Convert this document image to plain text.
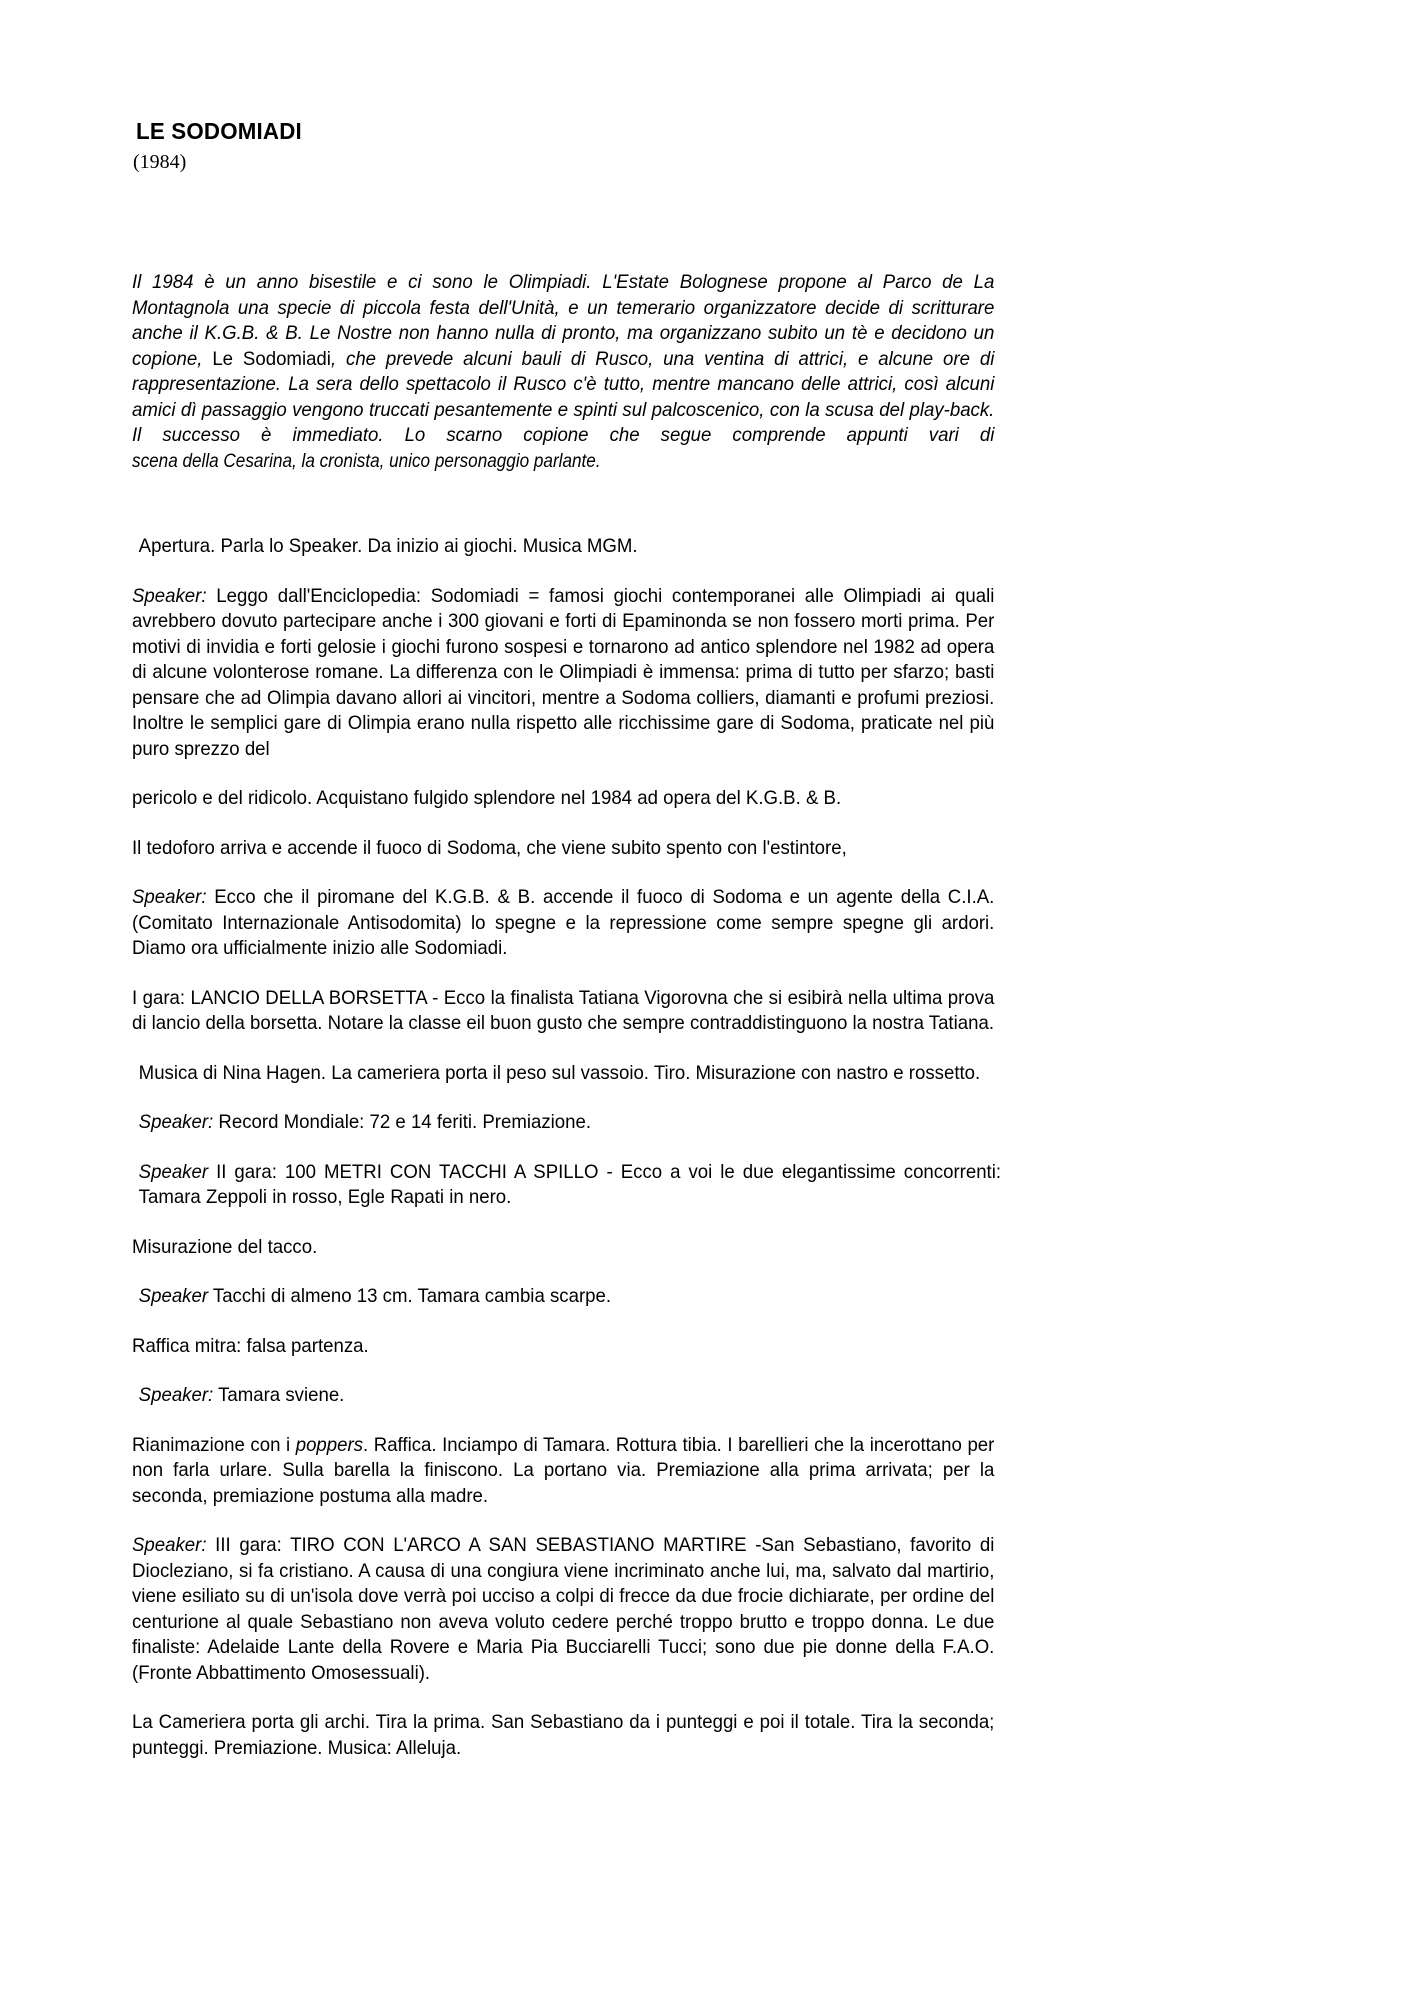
LE SODOMIADI
(1984)
Il 1984 è un anno bisestile e ci sono le Olimpiadi. L'Estate Bolognese propone al Parco de La Montagnola una specie di piccola festa dell'Unità, e un temerario organizzatore decide di scritturare anche il K.G.B. & B. Le Nostre non hanno nulla di pronto, ma organizzano subito un tè e decidono un copione, Le Sodomiadi, che prevede alcuni bauli di Rusco, una ventina di attrici, e alcune ore di rappresentazione. La sera dello spettacolo il Rusco c'è tutto, mentre mancano delle attrici, così alcuni amici dì passaggio vengono truccati pesantemente e spinti sul palcoscenico, con la scusa del play-back. Il successo è immediato. Lo scarno copione che segue comprende appunti vari di scena della Cesarina, la cronista, unico personaggio parlante.

Apertura. Parla lo Speaker. Da inizio ai giochi. Musica MGM.

Speaker: Leggo dall'Enciclopedia: Sodomiadi = famosi giochi contemporanei alle Olimpiadi ai quali avrebbero dovuto partecipare anche i 300 giovani e forti di Epaminonda se non fossero morti prima. Per motivi di invidia e forti gelosie i giochi furono sospesi e tornarono ad antico splendore nel 1982 ad opera di alcune volonterose romane. La differenza con le Olimpiadi è immensa: prima di tutto per sfarzo; basti pensare che ad Olimpia davano allori ai vincitori, mentre a Sodoma colliers, diamanti e profumi preziosi. Inoltre le semplici gare di Olimpia erano nulla rispetto alle ricchissime gare di Sodoma, praticate nel più puro sprezzo del

pericolo e del ridicolo. Acquistano fulgido splendore nel 1984 ad opera del K.G.B. & B.

Il tedoforo arriva e accende il fuoco di Sodoma, che viene subito spento con l'estintore,

Speaker: Ecco che il piromane del K.G.B. & B. accende il fuoco di Sodoma e un agente della C.I.A. (Comitato Internazionale Antisodomita) lo spegne e la repressione come sempre spegne gli ardori. Diamo ora ufficialmente inizio alle Sodomiadi.

I gara: LANCIO DELLA BORSETTA - Ecco la finalista Tatiana Vigorovna che si esibirà nella ultima prova di lancio della borsetta. Notare la classe eil buon gusto che sempre contraddistinguono la nostra Tatiana.

Musica di Nina Hagen. La cameriera porta il peso sul vassoio. Tiro. Misurazione con nastro e rossetto.

Speaker: Record Mondiale: 72 e 14 feriti. Premiazione.

Speaker II gara: 100 METRI CON TACCHI A SPILLO - Ecco a voi le due elegantissime concorrenti: Tamara Zeppoli in rosso, Egle Rapati in nero.

Misurazione del tacco.

Speaker Tacchi di almeno 13 cm. Tamara cambia scarpe.

Raffica mitra: falsa partenza.

Speaker: Tamara sviene.

Rianimazione con i poppers. Raffica. Inciampo di Tamara. Rottura tibia. I barellieri che la incerottano per non farla urlare. Sulla barella la finiscono. La portano via. Premiazione alla prima arrivata; per la seconda, premiazione postuma alla madre.

Speaker: III gara: TIRO CON L'ARCO A SAN SEBASTIANO MARTIRE -San Sebastiano, favorito di Diocleziano, si fa cristiano. A causa di una congiura viene incriminato anche lui, ma, salvato dal martirio, viene esiliato su di un'isola dove verrà poi ucciso a colpi di frecce da due frocie dichiarate, per ordine del centurione al quale Sebastiano non aveva voluto cedere perché troppo brutto e troppo donna. Le due finaliste: Adelaide Lante della Rovere e Maria Pia Bucciarelli Tucci; sono due pie donne della F.A.O. (Fronte Abbattimento Omosessuali).

La Cameriera porta gli archi. Tira la prima. San Sebastiano da i punteggi e poi il totale. Tira la seconda; punteggi. Premiazione. Musica: Alleluja.
